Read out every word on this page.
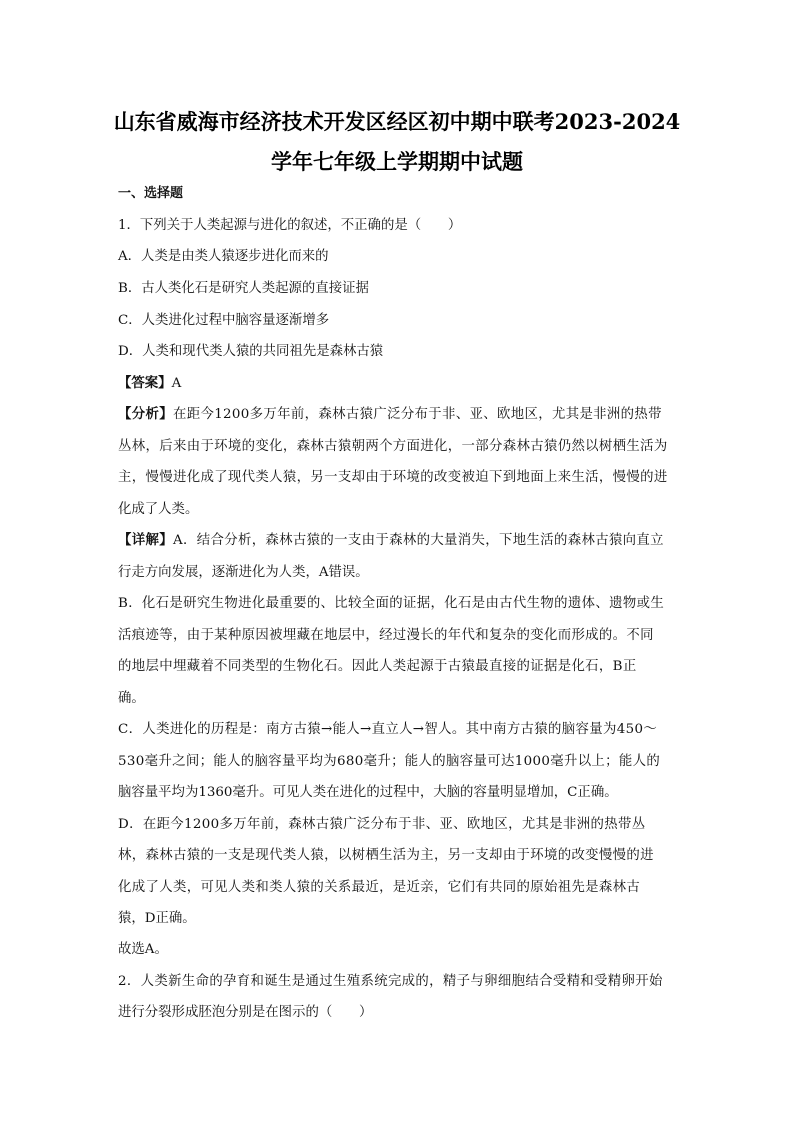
山东省威海市经济技术开发区经区初中期中联考2023-2024
学年七年级上学期期中试题
一、选择题
1．下列关于人类起源与进化的叙述，不正确的是（　　）
A．人类是由类人猿逐步进化而来的
B．古人类化石是研究人类起源的直接证据
C．人类进化过程中脑容量逐渐增多
D．人类和现代类人猿的共同祖先是森林古猿
【答案】A
【分析】在距今1200多万年前，森林古猿广泛分布于非、亚、欧地区，尤其是非洲的热带
丛林，后来由于环境的变化，森林古猿朝两个方面进化，一部分森林古猿仍然以树栖生活为
主，慢慢进化成了现代类人猿，另一支却由于环境的改变被迫下到地面上来生活，慢慢的进
化成了人类。
【详解】A．结合分析，森林古猿的一支由于森林的大量消失，下地生活的森林古猿向直立
行走方向发展，逐渐进化为人类，A错误。
B．化石是研究生物进化最重要的、比较全面的证据，化石是由古代生物的遗体、遗物或生
活痕迹等，由于某种原因被埋藏在地层中，经过漫长的年代和复杂的变化而形成的。不同
的地层中埋藏着不同类型的生物化石。因此人类起源于古猿最直接的证据是化石，B正
确。
C．人类进化的历程是：南方古猿→能人→直立人→智人。其中南方古猿的脑容量为450～
530毫升之间；能人的脑容量平均为680毫升；能人的脑容量可达1000毫升以上；能人的
脑容量平均为1360毫升。可见人类在进化的过程中，大脑的容量明显增加，C正确。
D．在距今1200多万年前，森林古猿广泛分布于非、亚、欧地区，尤其是非洲的热带丛
林，森林古猿的一支是现代类人猿，以树栖生活为主，另一支却由于环境的改变慢慢的进
化成了人类，可见人类和类人猿的关系最近，是近亲，它们有共同的原始祖先是森林古
猿，D正确。
故选A。
2．人类新生命的孕育和诞生是通过生殖系统完成的，精子与卵细胞结合受精和受精卵开始
进行分裂形成胚泡分别是在图示的（　　）
